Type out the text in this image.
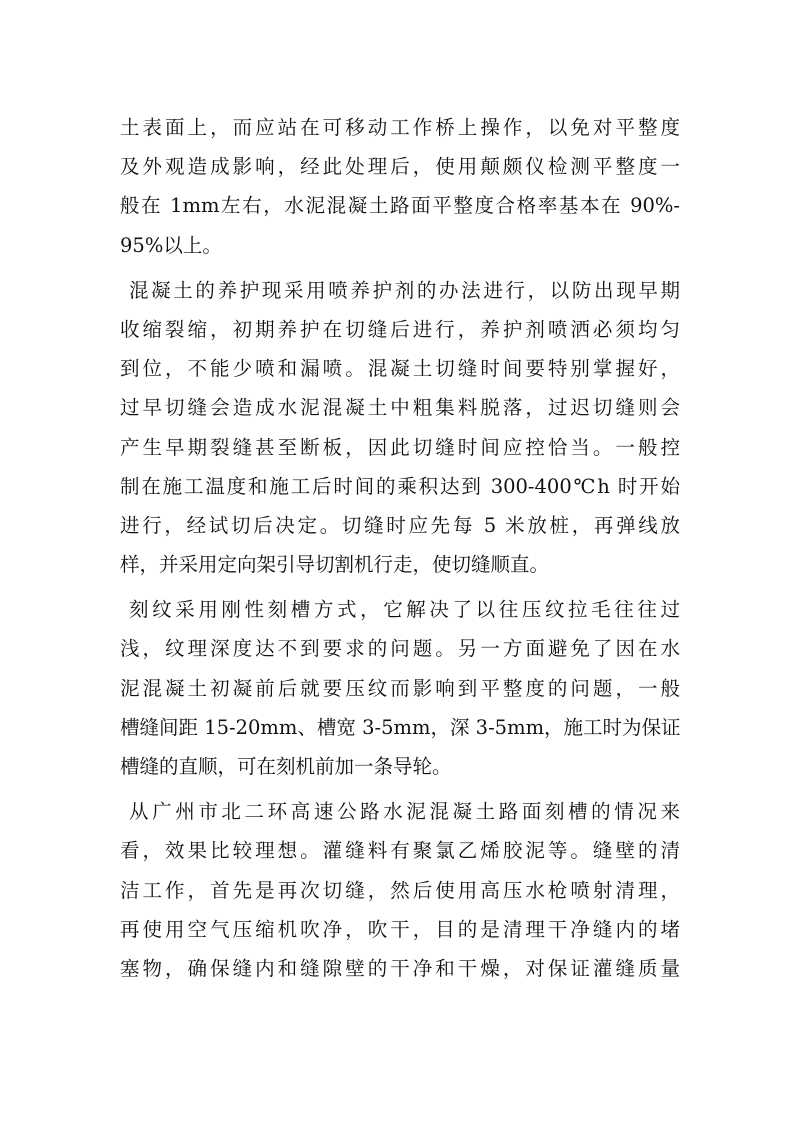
土表面上，而应站在可移动工作桥上操作，以免对平整度
及外观造成影响，经此处理后，使用颠颇仪检测平整度一
般在 1mm左右，水泥混凝土路面平整度合格率基本在 90%-
95%以上。
混凝土的养护现采用喷养护剂的办法进行，以防出现早期
收缩裂缩，初期养护在切缝后进行，养护剂喷洒必须均匀
到位，不能少喷和漏喷。混凝土切缝时间要特别掌握好，
过早切缝会造成水泥混凝土中粗集料脱落，过迟切缝则会
产生早期裂缝甚至断板，因此切缝时间应控恰当。一般控
制在施工温度和施工后时间的乘积达到 300-400℃h 时开始
进行，经试切后决定。切缝时应先每 5 米放桩，再弹线放
样，并采用定向架引导切割机行走，使切缝顺直。
刻纹采用刚性刻槽方式，它解决了以往压纹拉毛往往过
浅，纹理深度达不到要求的问题。另一方面避免了因在水
泥混凝土初凝前后就要压纹而影响到平整度的问题，一般
槽缝间距 15-20mm、槽宽 3-5mm，深 3-5mm，施工时为保证
槽缝的直顺，可在刻机前加一条导轮。
从广州市北二环高速公路水泥混凝土路面刻槽的情况来
看，效果比较理想。灌缝料有聚氯乙烯胶泥等。缝壁的清
洁工作，首先是再次切缝，然后使用高压水枪喷射清理，
再使用空气压缩机吹净，吹干，目的是清理干净缝内的堵
塞物，确保缝内和缝隙壁的干净和干燥，对保证灌缝质量
